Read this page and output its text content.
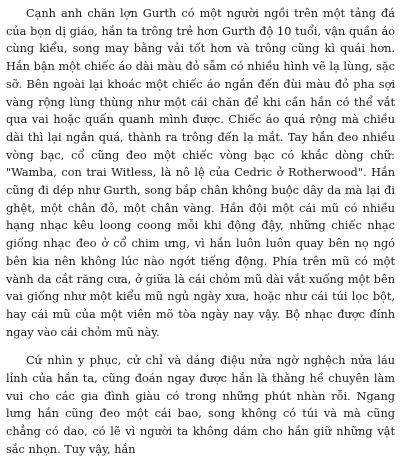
Cạnh anh chăn lợn Gurth có một người ngồi trên một tảng đá của bọn dị giáo, hắn ta trông trẻ hơn Gurth độ 10 tuổi, vận quần áo cùng kiểu, song may bằng vải tốt hơn và trông cũng kì quái hơn. Hắn bận một chiếc áo dài màu đỏ sẫm có nhiều hình vẽ lạ lùng, sặc sỡ. Bên ngoài lại khoác một chiếc áo ngắn đến đùi màu đỏ pha sợi vàng rộng lùng thùng như một cái chăn để khi cần hắn có thể vắt qua vai hoặc quấn quanh mình được. Chiếc áo quá rộng mà chiều dài thì lại ngắn quá, thành ra trông đến lạ mắt. Tay hắn đeo nhiều vòng bạc, cổ cũng đeo một chiếc vòng bạc có khắc dòng chữ: "Wamba, con trai Witless, là nô lệ của Cedric ở Rotherwood". Hắn cũng đi dép như Gurth, song bắp chân không buộc dây da mà lại đi ghệt, một chân đỏ, một chân vàng. Hắn đội một cái mũ có nhiều hạng nhạc kêu loong coong mỗi khi động đậy, những chiếc nhạc giống nhạc đeo ở cổ chim ưng, vì hắn luôn luôn quay bên nọ ngó bên kia nên không lúc nào ngớt tiếng động. Phía trên mũ có một vành da cắt răng cưa, ở giữa là cái chỏm mũ dài vắt xuống một bên vai giống như một kiểu mũ ngủ ngày xưa, hoặc như cái túi lọc bột, hay cái mũ của một viên mõ tòa ngày nay vậy. Bộ nhạc được đính ngay vào cái chỏm mũ này.

Cứ nhìn y phục, cử chỉ và dáng điệu nửa ngờ nghệch nửa láu lỉnh của hắn ta, cũng đoán ngay được hắn là thằng hề chuyên làm vui cho các gia đình giàu có trong những phút nhàn rỗi. Ngang lưng hắn cũng đeo một cái bao, song không có túi và mà cũng chẳng có dao, có lẽ vì người ta không dám cho hắn giữ những vật sắc nhọn. Tuy vậy, hắn
